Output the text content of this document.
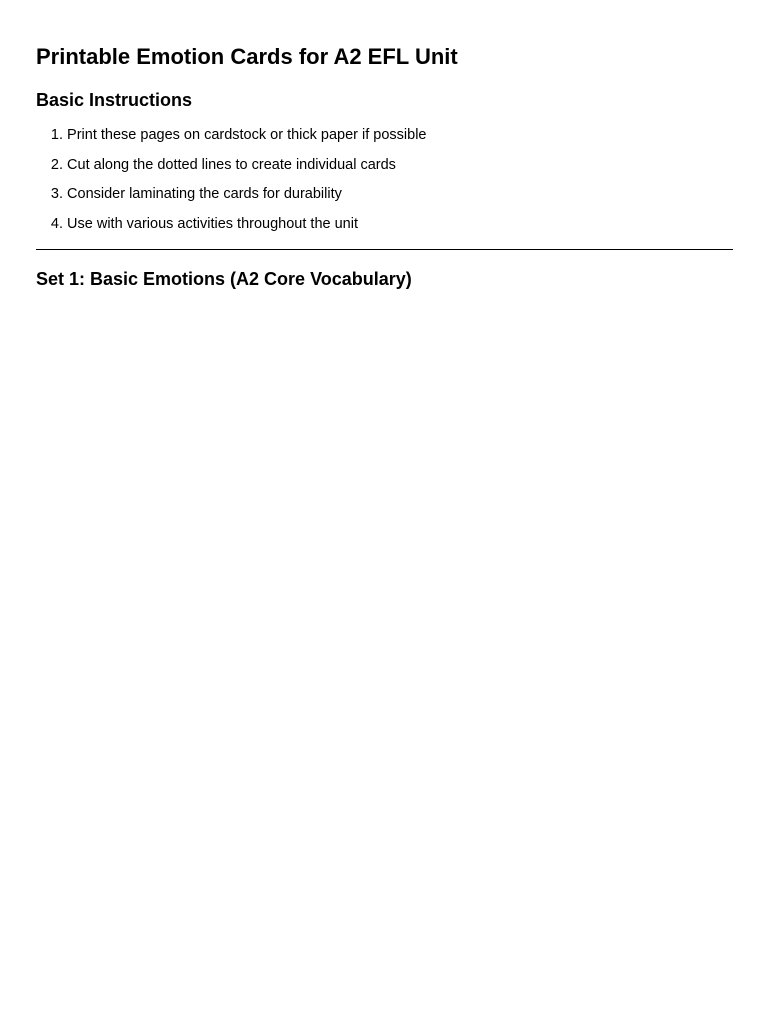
Printable Emotion Cards for A2 EFL Unit
Basic Instructions
1. Print these pages on cardstock or thick paper if possible
2. Cut along the dotted lines to create individual cards
3. Consider laminating the cards for durability
4. Use with various activities throughout the unit
Set 1: Basic Emotions (A2 Core Vocabulary)
